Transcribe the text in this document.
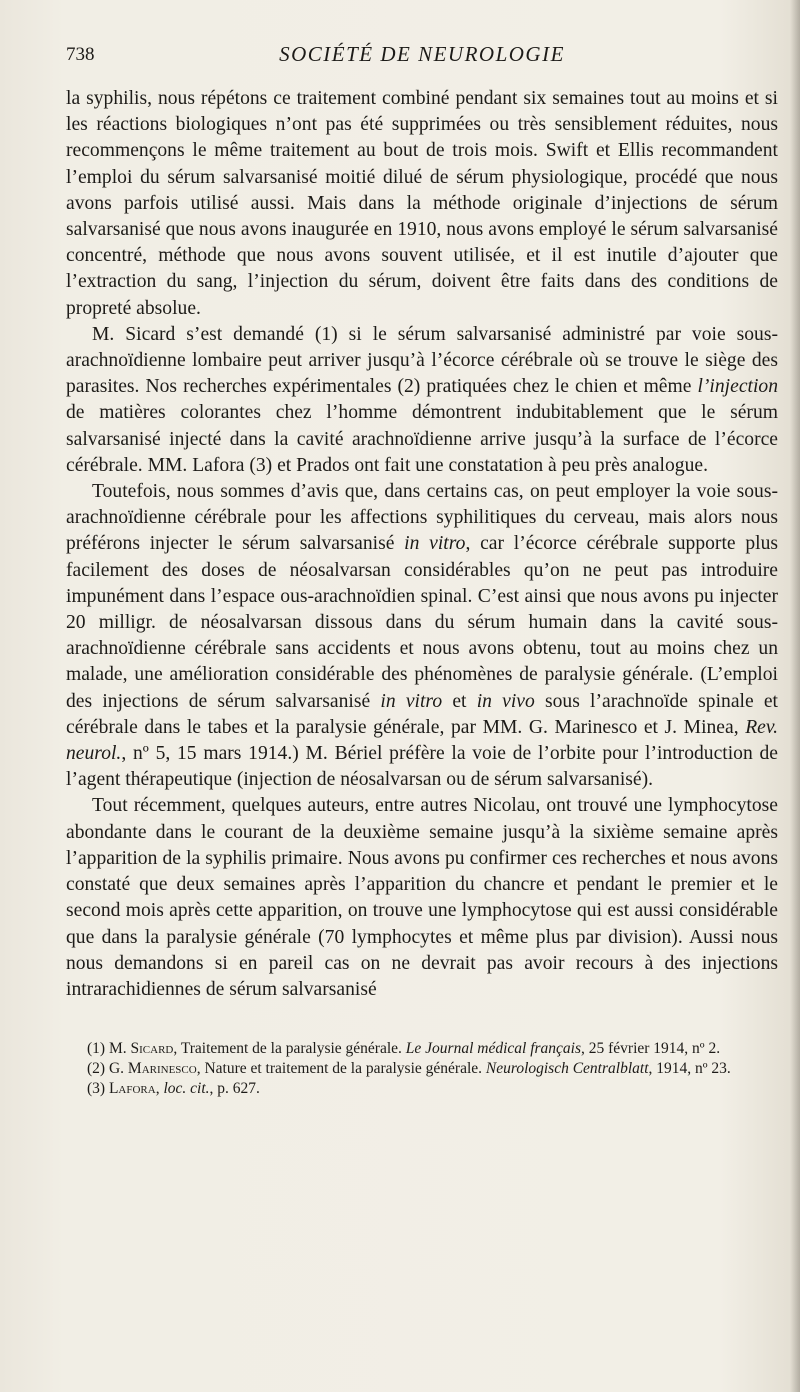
738	SOCIÉTÉ DE NEUROLOGIE

la syphilis, nous répétons ce traitement combiné pendant six semaines tout au moins et si les réactions biologiques n’ont pas été supprimées ou très sensiblement réduites, nous recommençons le même traitement au bout de trois mois. Swift et Ellis recommandent l’emploi du sérum salvarsanisé moitié dilué de sérum physiologique, procédé que nous avons parfois utilisé aussi. Mais dans la méthode originale d’injections de sérum salvarsanisé que nous avons inaugurée en 1910, nous avons employé le sérum salvarsanisé concentré, méthode que nous avons souvent utilisée, et il est inutile d’ajouter que l’extraction du sang, l’injection du sérum, doivent être faits dans des conditions de propreté absolue.

M. Sicard s’est demandé (1) si le sérum salvarsanisé administré par voie sous-arachnoïdienne lombaire peut arriver jusqu’à l’écorce cérébrale où se trouve le siège des parasites. Nos recherches expérimentales (2) pratiquées chez le chien et même l’injection de matières colorantes chez l’homme démontrent indubitablement que le sérum salvarsanisé injecté dans la cavité arachnoïdienne arrive jusqu’à la surface de l’écorce cérébrale. MM. Lafora (3) et Prados ont fait une constatation à peu près analogue.

Toutefois, nous sommes d’avis que, dans certains cas, on peut employer la voie sous-arachnoïdienne cérébrale pour les affections syphilitiques du cerveau, mais alors nous préférons injecter le sérum salvarsanisé in vitro, car l’écorce cérébrale supporte plus facilement des doses de néosalvarsan considérables qu’on ne peut pas introduire impunément dans l’espace ous-arachnoïdien spinal. C’est ainsi que nous avons pu injecter 20 milligr. de néosalvarsan dissous dans du sérum humain dans la cavité sous-arachnoïdienne cérébrale sans accidents et nous avons obtenu, tout au moins chez un malade, une amélioration considérable des phénomènes de paralysie générale. (L’emploi des injections de sérum salvarsanisé in vitro et in vivo sous l’arachnoïde spinale et cérébrale dans le tabes et la paralysie générale, par MM. G. Marinesco et J. Minea, Rev. neurol., nº 5, 15 mars 1914.) M. Bériel préfère la voie de l’orbite pour l’introduction de l’agent thérapeutique (injection de néosalvarsan ou de sérum salvarsanisé).

Tout récemment, quelques auteurs, entre autres Nicolau, ont trouvé une lymphocytose abondante dans le courant de la deuxième semaine jusqu’à la sixième semaine après l’apparition de la syphilis primaire. Nous avons pu confirmer ces recherches et nous avons constaté que deux semaines après l’apparition du chancre et pendant le premier et le second mois après cette apparition, on trouve une lymphocytose qui est aussi considérable que dans la paralysie générale (70 lymphocytes et même plus par division). Aussi nous nous demandons si en pareil cas on ne devrait pas avoir recours à des injections intrarachidiennes de sérum salvarsanisé

(1) M. Sicard, Traitement de la paralysie générale. Le Journal médical français, 25 février 1914, nº 2.

(2) G. Marinesco, Nature et traitement de la paralysie générale. Neurologisch Centralblatt, 1914, nº 23.

(3) Lafora, loc. cit., p. 627.
